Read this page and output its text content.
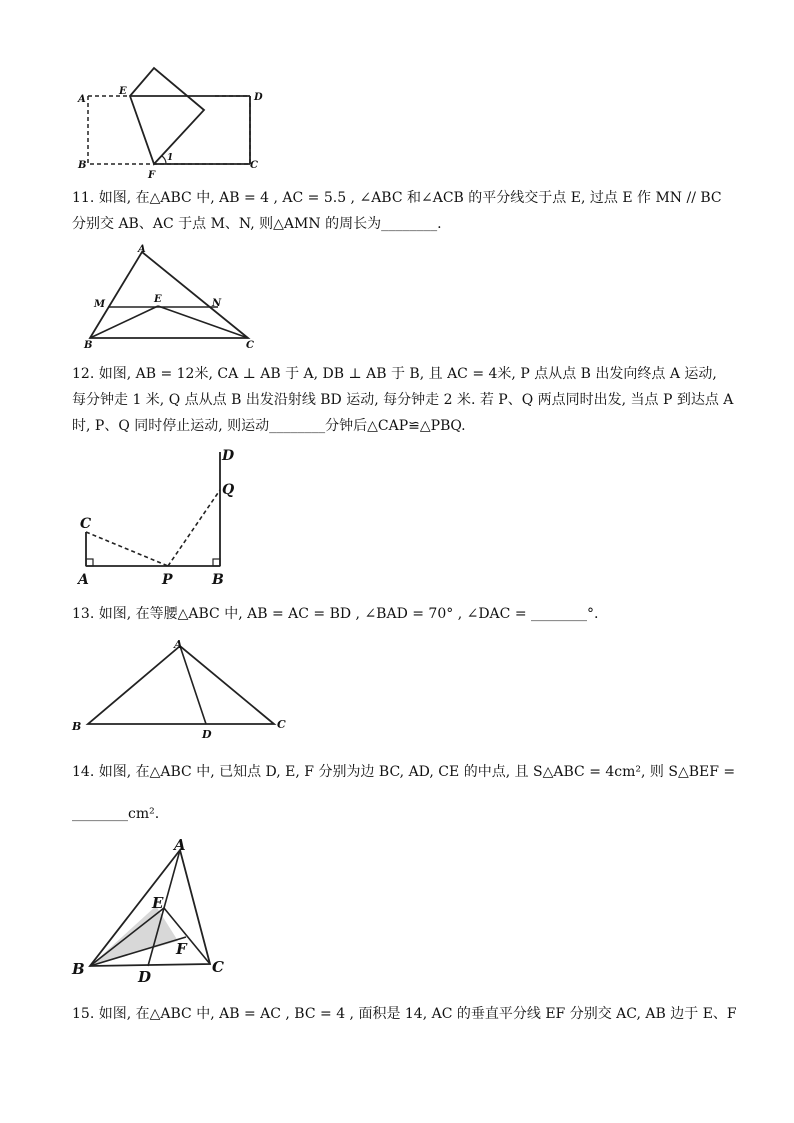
A
E
D
B
F
1
C
11. 如图, 在△ABC 中, AB = 4 , AC = 5.5 , ∠ABC 和∠ACB 的平分线交于点 E, 过点 E 作 MN // BC
分别交 AB、AC 于点 M、N, 则△AMN 的周长为________.
A
M	E	N
B	C
12. 如图, AB = 12米, CA ⊥ AB 于 A, DB ⊥ AB 于 B, 且 AC = 4米, P 点从点 B 出发向终点 A 运动,
每分钟走 1 米, Q 点从点 B 出发沿射线 BD 运动, 每分钟走 2 米. 若 P、Q 两点同时出发, 当点 P 到达点 A
时, P、Q 同时停止运动, 则运动________分钟后△CAP≌△PBQ.
D
Q
C
A	P	B
13. 如图, 在等腰△ABC 中, AB = AC = BD , ∠BAD = 70° , ∠DAC = ________°.
A
B
D
C
14. 如图, 在△ABC 中, 已知点 D, E, F 分别为边 BC, AD, CE 的中点, 且 S△ABC = 4cm², 则 S△BEF =
________cm².
A
E
F
B	D
C
15. 如图, 在△ABC 中, AB = AC , BC = 4 , 面积是 14, AC 的垂直平分线 EF 分别交 AC, AB 边于 E、F
